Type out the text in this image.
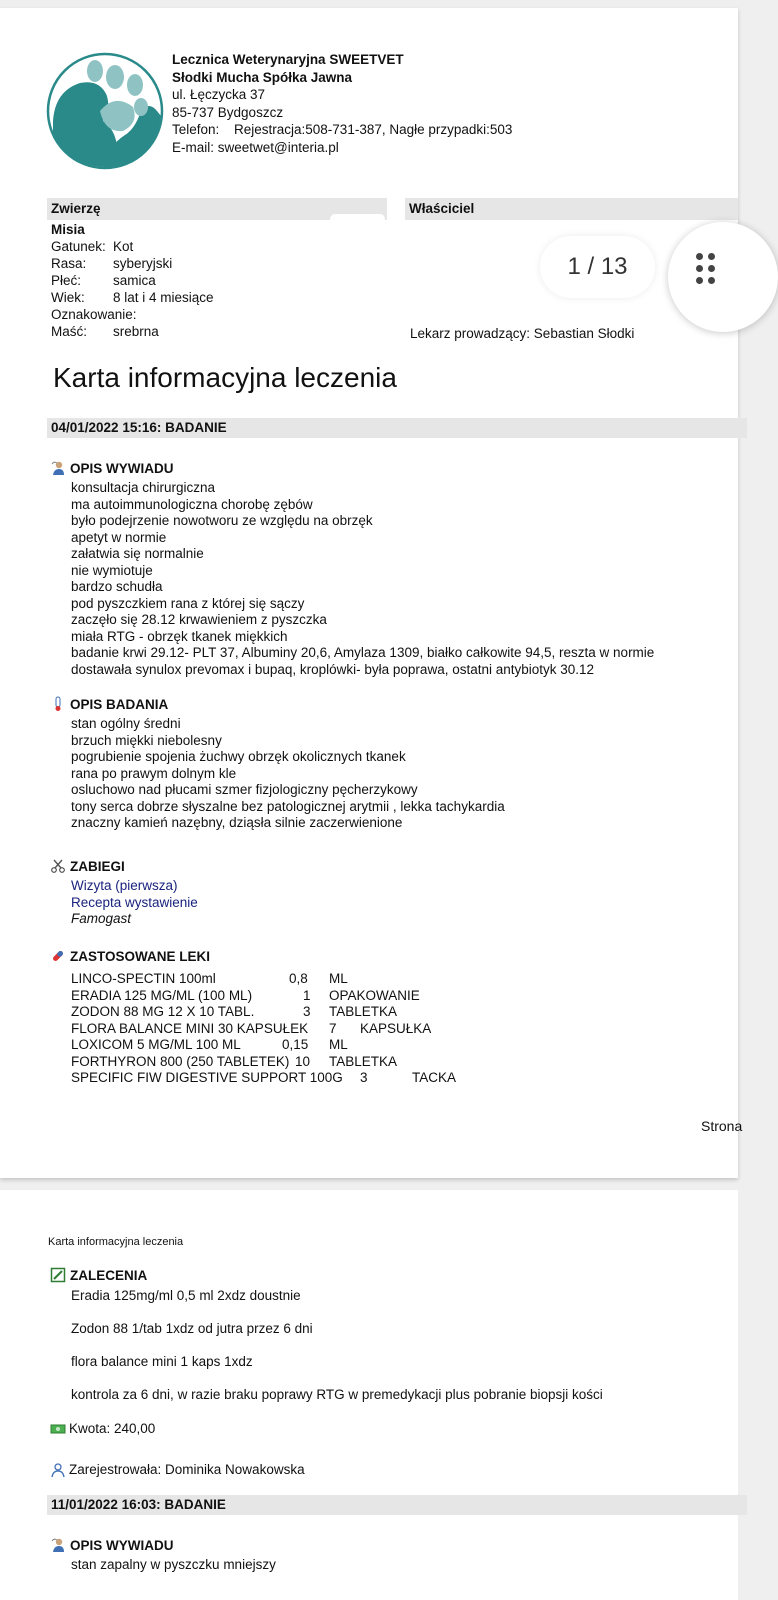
Lecznica Weterynaryjna SWEETVET
Słodki Mucha Spółka Jawna
ul. Łęczycka 37
85-737 Bydgoszcz
Telefon: Rejestracja:508-731-387, Nagłe przypadki:503
E-mail: sweetwet@interia.pl
Zwierzę	Właściciel
Misia
Gatunek: Kot
Rasa: syberyjski
Płeć: samica
Wiek: 8 lat i 4 miesiące
Oznakowanie:
Maść: srebrna	Lekarz prowadzący: Sebastian Słodki
1 / 13
Karta informacyjna leczenia
04/01/2022 15:16: BADANIE
OPIS WYWIADU
konsultacja chirurgiczna
ma autoimmunologiczna chorobę zębów
było podejrzenie nowotworu ze względu na obrzęk
apetyt w normie
załatwia się normalnie
nie wymiotuje
bardzo schudła
pod pyszczkiem rana z której się sączy
zaczęło się 28.12 krwawieniem z pyszczka
miała RTG - obrzęk tkanek miękkich
badanie krwi 29.12- PLT 37, Albuminy 20,6, Amylaza 1309, białko całkowite 94,5, reszta w normie
dostawała synulox prevomax i bupaq, kroplówki- była poprawa, ostatni antybiotyk 30.12
OPIS BADANIA
stan ogólny średni
brzuch miękki niebolesny
pogrubienie spojenia żuchwy obrzęk okolicznych tkanek
rana po prawym dolnym kle
osluchowo nad płucami szmer fizjologiczny pęcherzykowy
tony serca dobrze słyszalne bez patologicznej arytmii , lekka tachykardia
znaczny kamień nazębny, dziąsła silnie zaczerwienione
ZABIEGI
Wizyta (pierwsza)
Recepta wystawienie
Famogast
ZASTOSOWANE LEKI
LINCO-SPECTIN 100ml	0,8 ML
ERADIA 125 MG/ML (100 ML)	1 OPAKOWANIE
ZODON 88 MG 12 X 10 TABL.	3 TABLETKA
FLORA BALANCE MINI 30 KAPSUŁEK 7 KAPSUŁKA
LOXICOM 5 MG/ML 100 ML	0,15 ML
FORTHYRON 800 (250 TABLETEK) 10 TABLETKA
SPECIFIC FIW DIGESTIVE SUPPORT 100G 3	TACKA
Strona
Karta informacyjna leczenia
ZALECENIA
Eradia 125mg/ml 0,5 ml 2xdz doustnie
Zodon 88 1/tab 1xdz od jutra przez 6 dni
flora balance mini 1 kaps 1xdz
kontrola za 6 dni, w razie braku poprawy RTG w premedykacji plus pobranie biopsji kości
Kwota: 240,00
Zarejestrowała: Dominika Nowakowska
11/01/2022 16:03: BADANIE
OPIS WYWIADU
stan zapalny w pyszczku mniejszy
